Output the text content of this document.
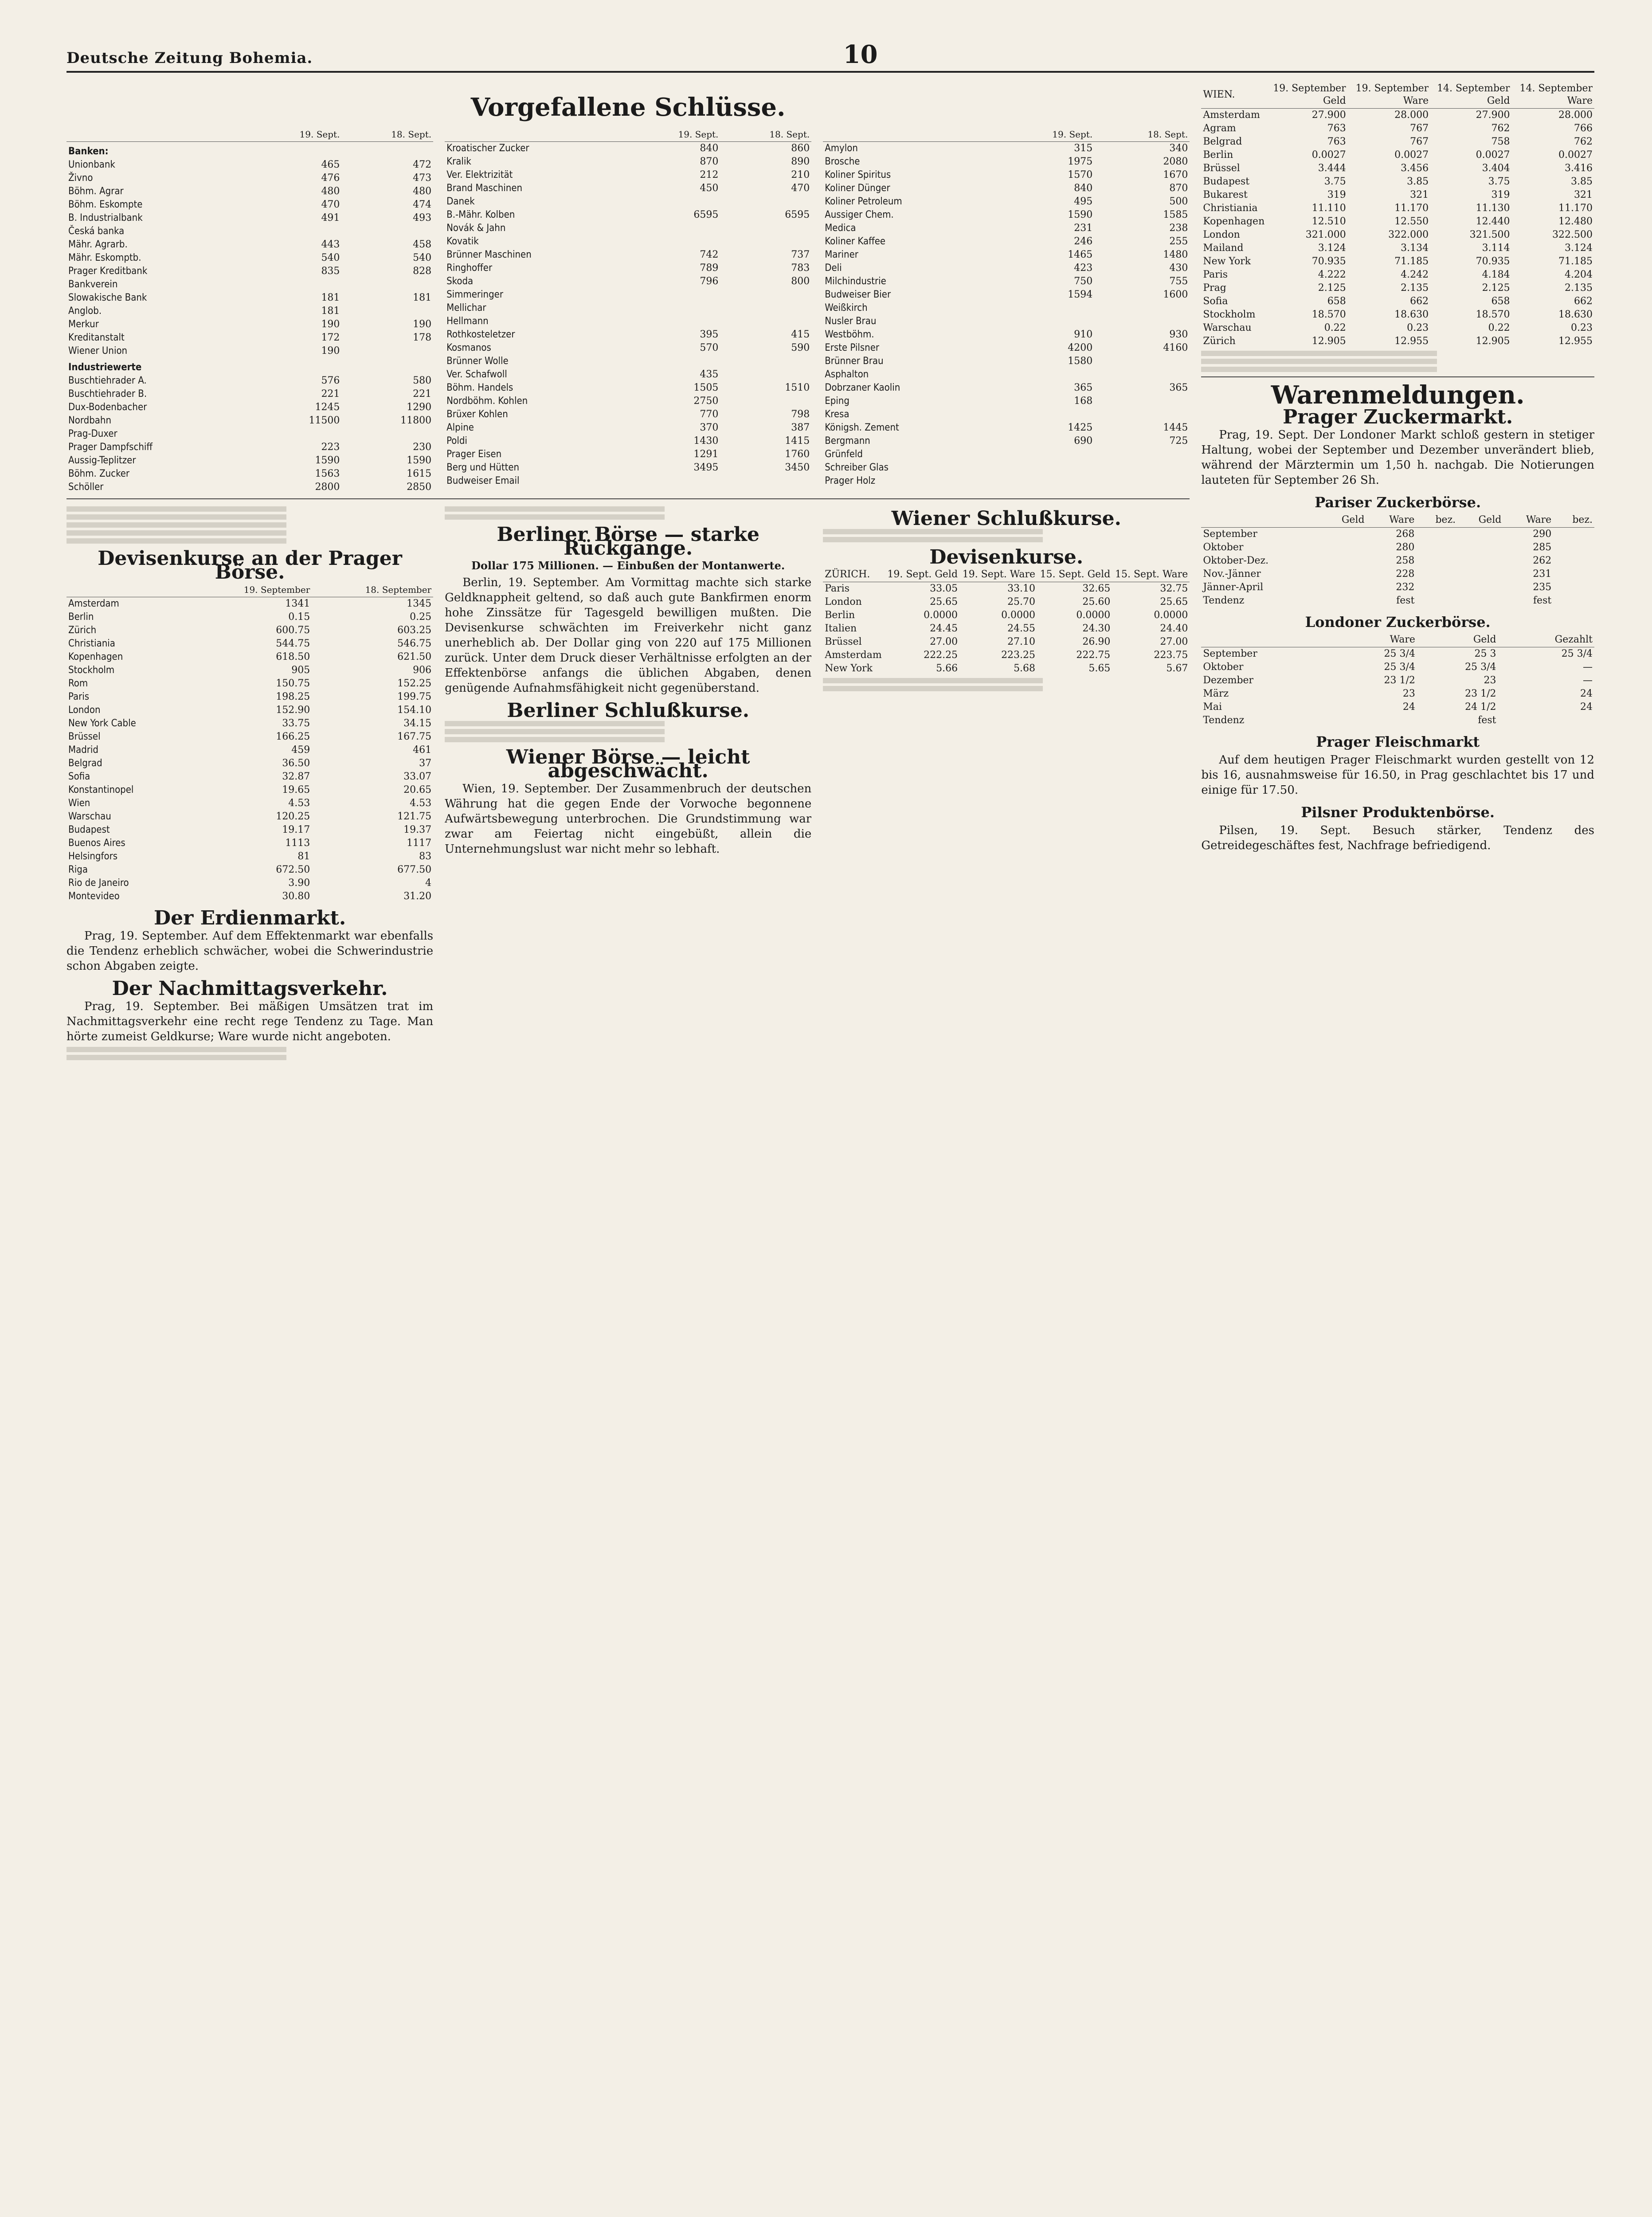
Deutsche Zeitung Bohemia.	10
Vorgefallene Schlüsse.
	19. Sept.	18. Sept.
Banken:		
Unionbank	465	472
Živno	476	473
Böhm. Agrar	480	480
Böhm. Eskompte	470	474
B. Industrialbank	491	493
Česká banka		
Mähr. Agrarb.	443	458
Mähr. Eskomptb.	540	540
Prager Kreditbank	835	828
Bankverein		
Slowakische Bank	181	181
Anglob.	181	
Merkur	190	190
Kreditanstalt	172	178
Wiener Union	190	
Industriewerte		
Buschtiehrader A.	576	580
Buschtiehrader B.	221	221
Dux-Bodenbacher	1245	1290
Nordbahn	11500	11800
Prag-Duxer		
Prager Dampfschiff	223	230
Aussig-Teplitzer	1590	1590
Böhm. Zucker	1563	1615
Schöller	2800	2850
	19. Sept.	18. Sept.
Kroatischer Zucker	840	860
Kralik	870	890
Ver. Elektrizität	212	210
Brand Maschinen	450	470
Danek		
B.-Mähr. Kolben	6595	6595
Novák & Jahn		
Kovatik		
Brünner Maschinen	742	737
Ringhoffer	789	783
Skoda	796	800
Simmeringer		
Mellichar		
Hellmann		
Rothkosteletzer	395	415
Kosmanos	570	590
Brünner Wolle		
Ver. Schafwoll	435	
Böhm. Handels	1505	1510
Nordböhm. Kohlen	2750	
Brüxer Kohlen	770	798
Alpine	370	387
Poldi	1430	1415
Prager Eisen	1291	1760
Berg und Hütten	3495	3450
Budweiser Email		
	19. Sept.	18. Sept.
Amylon	315	340
Brosche	1975	2080
Koliner Spiritus	1570	1670
Koliner Dünger	840	870
Koliner Petroleum	495	500
Aussiger Chem.	1590	1585
Medica	231	238
Koliner Kaffee	246	255
Mariner	1465	1480
Deli	423	430
Milchindustrie	750	755
Budweiser Bier	1594	1600
Weißkirch		
Nusler Brau		
Westböhm.	910	930
Erste Pilsner	4200	4160
Brünner Brau	1580	
Asphalton		
Dobrzaner Kaolin	365	365
Eping	168	
Kresa		
Königsh. Zement	1425	1445
Bergmann	690	725
Grünfeld		
Schreiber Glas		
Prager Holz		
Devisenkurse an der Prager Börse.
	19. September	18. September
Amsterdam	1341	1345
Berlin	0.15	0.25
Zürich	600.75	603.25
Christiania	544.75	546.75
Kopenhagen	618.50	621.50
Stockholm	905	906
Rom	150.75	152.25
Paris	198.25	199.75
London	152.90	154.10
New York Cable	33.75	34.15
Brüssel	166.25	167.75
Madrid	459	461
Belgrad	36.50	37
Sofia	32.87	33.07
Konstantinopel	19.65	20.65
Wien	4.53	4.53
Warschau	120.25	121.75
Budapest	19.17	19.37
Buenos Aires	1113	1117
Helsingfors	81	83
Riga	672.50	677.50
Rio de Janeiro	3.90	4
Montevideo	30.80	31.20
Der Erdienmarkt.

Prag, 19. September. Auf dem Effektenmarkt war ebenfalls die Tendenz erheblich schwächer, wobei die Schwerindustrie schon Abgaben zeigte.

Der Nachmittagsverkehr.

Prag, 19. September. Bei mäßigen Umsätzen trat im Nachmittagsverkehr eine recht rege Tendenz zu Tage. Man hörte zumeist Geldkurse; Ware wurde nicht angeboten.

Berliner Börse — starke Rückgänge.
Dollar 175 Millionen. — Einbußen der Montanwerte.

Berlin, 19. September. Am Vormittag machte sich starke Geldknappheit geltend, so daß auch gute Bankfirmen enorm hohe Zinssätze für Tagesgeld bewilligen mußten. Die Devisenkurse schwächten im Freiverkehr nicht ganz unerheblich ab. Der Dollar ging von 220 auf 175 Millionen zurück. Unter dem Druck dieser Verhältnisse erfolgten an der Effektenbörse anfangs die üblichen Abgaben, denen genügende Aufnahmsfähigkeit nicht gegenüberstand.

Berliner Schlußkurse.
Wiener Börse — leicht abgeschwächt.

Wien, 19. September. Der Zusammenbruch der deutschen Währung hat die gegen Ende der Vorwoche begonnene Aufwärtsbewegung unterbrochen. Die Grundstimmung war zwar am Feiertag nicht eingebüßt, allein die Unternehmungslust war nicht mehr so lebhaft.

Wiener Schlußkurse.
Devisenkurse.
ZÜRICH.	19. Sept. Geld	19. Sept. Ware	15. Sept. Geld	15. Sept. Ware
Paris	33.05	33.10	32.65	32.75
London	25.65	25.70	25.60	25.65
Berlin	0.0000	0.0000	0.0000	0.0000
Italien	24.45	24.55	24.30	24.40
Brüssel	27.00	27.10	26.90	27.00
Amsterdam	222.25	223.25	222.75	223.75
New York	5.66	5.68	5.65	5.67
WIEN.	19. September Geld	19. September Ware	14. September Geld	14. September Ware
Amsterdam	27.900	28.000	27.900	28.000
Agram	763	767	762	766
Belgrad	763	767	758	762
Berlin	0.0027	0.0027	0.0027	0.0027
Brüssel	3.444	3.456	3.404	3.416
Budapest	3.75	3.85	3.75	3.85
Bukarest	319	321	319	321
Christiania	11.110	11.170	11.130	11.170
Kopenhagen	12.510	12.550	12.440	12.480
London	321.000	322.000	321.500	322.500
Mailand	3.124	3.134	3.114	3.124
New York	70.935	71.185	70.935	71.185
Paris	4.222	4.242	4.184	4.204
Prag	2.125	2.135	2.125	2.135
Sofia	658	662	658	662
Stockholm	18.570	18.630	18.570	18.630
Warschau	0.22	0.23	0.22	0.23
Zürich	12.905	12.955	12.905	12.955
Warenmeldungen.
Prager Zuckermarkt.

Prag, 19. Sept. Der Londoner Markt schloß gestern in stetiger Haltung, wobei der September und Dezember unverändert blieb, während der Märztermin um 1,50 h. nachgab. Die Notierungen lauteten für September 26 Sh.

Pariser Zuckerbörse.
	Geld	Ware	bez.	Geld	Ware	bez.
September		268			290	
Oktober		280			285	
Oktober-Dez.		258			262	
Nov.-Jänner		228			231	
Jänner-April		232			235	
Tendenz		fest			fest	
Londoner Zuckerbörse.
	Ware	Geld	Gezahlt
September	25 3/4	25 3	25 3/4
Oktober	25 3/4	25 3/4	—
Dezember	23 1/2	23	—
März	23	23 1/2	24
Mai	24	24 1/2	24
Tendenz		fest	
Prager Fleischmarkt

Auf dem heutigen Prager Fleischmarkt wurden gestellt von 12 bis 16, ausnahmsweise für 16.50, in Prag geschlachtet bis 17 und einige für 17.50.

Pilsner Produktenbörse.

Pilsen, 19. Sept. Besuch stärker, Tendenz des Getreidegeschäftes fest, Nachfrage befriedigend.
